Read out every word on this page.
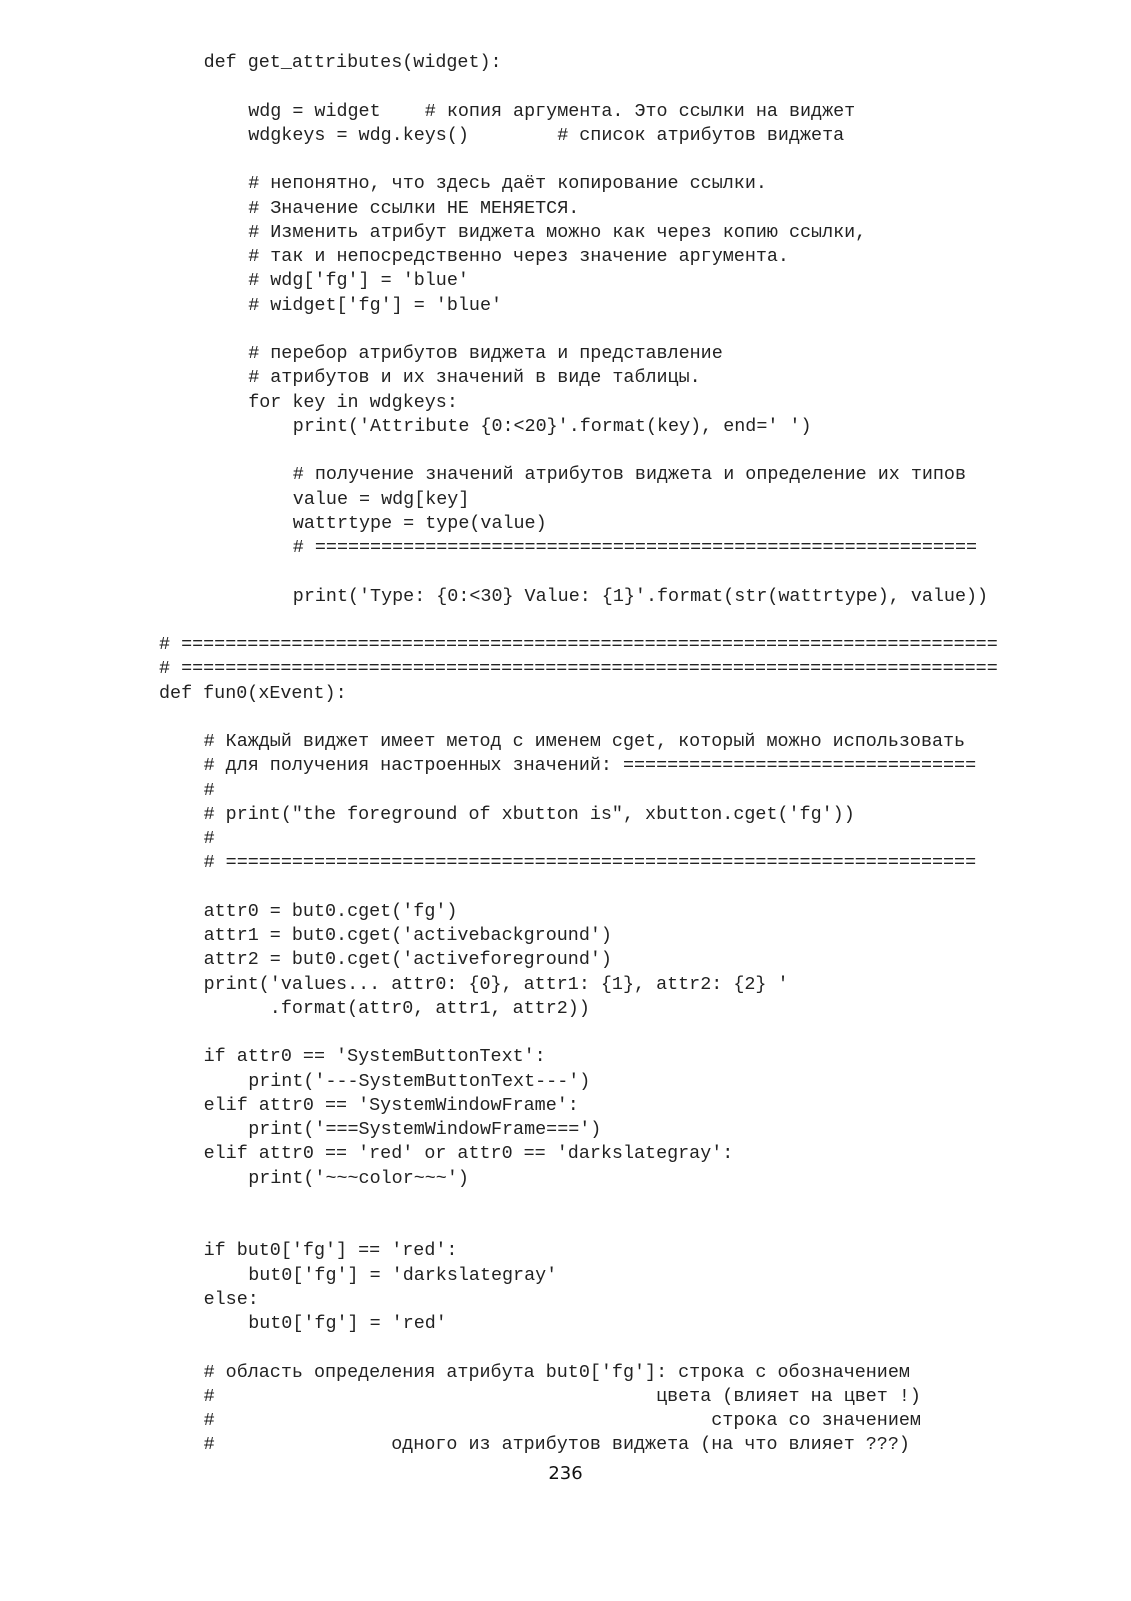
def get_attributes(widget):
wdg = widget    # копия аргумента. Это ссылки на виджет
wdgkeys = wdg.keys()        # список атрибутов виджета
# непонятно, что здесь даёт копирование ссылки.
# Значение ссылки НЕ МЕНЯЕТСЯ.
# Изменить атрибут виджета можно как через копию ссылки,
# так и непосредственно через значение аргумента.
# wdg['fg'] = 'blue'
# widget['fg'] = 'blue'
# перебор атрибутов виджета и представление
# атрибутов и их значений в виде таблицы.
for key in wdgkeys:
print('Attribute {0:<20}'.format(key), end=' ')
# получение значений атрибутов виджета и определение их типов
value = wdg[key]
wattrtype = type(value)
# ============================================================
print('Type: {0:<30} Value: {1}'.format(str(wattrtype), value))
# ==========================================================================
# ==========================================================================
def fun0(xEvent):
# Каждый виджет имеет метод с именем cget, который можно использовать
# для получения настроенных значений: ================================
#
# print("the foreground of xbutton is", xbutton.cget('fg'))
#
# ====================================================================
attr0 = but0.cget('fg')
attr1 = but0.cget('activebackground')
attr2 = but0.cget('activeforeground')
print('values... attr0: {0}, attr1: {1}, attr2: {2} '
.format(attr0, attr1, attr2))
if attr0 == 'SystemButtonText':
print('---SystemButtonText---')
elif attr0 == 'SystemWindowFrame':
print('===SystemWindowFrame===')
elif attr0 == 'red' or attr0 == 'darkslategray':
print('~~~color~~~')
if but0['fg'] == 'red':
but0['fg'] = 'darkslategray'
else:
but0['fg'] = 'red'
# область определения атрибута but0['fg']: строка с обозначением
#                                        цвета (влияет на цвет !)
#                                             строка со значением
#                одного из атрибутов виджета (на что влияет ???)
236
